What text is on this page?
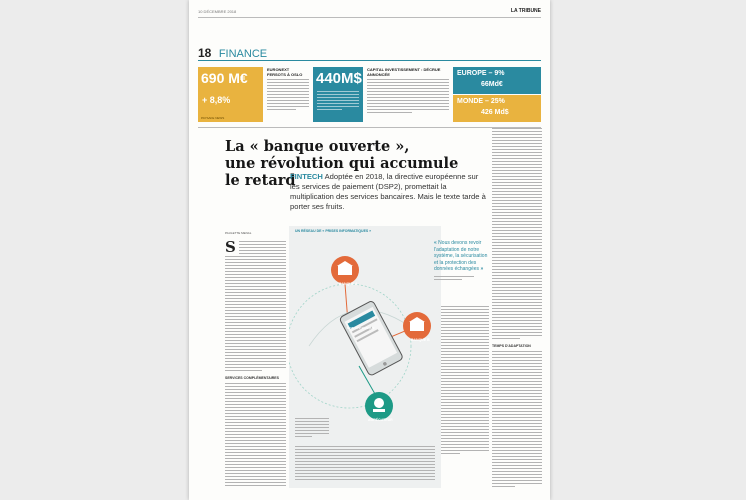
10 DÉCEMBRE 2018	LA TRIBUNE
18 FINANCE
690 M€
+ 8,8%
PAYSAFE NEWS
EURONEXT FERSOTS À OSLO 440M$
CAPITAL INVESTISSEMENT : DÉCRUE ANNONCÉE	EUROPE – 9%
66Md€
MONDE – 25%
426 Md$
La « banque ouverte »,
une révolution qui accumule
le retard
FINTECH Adoptée en 2018, la directive européenne sur les services de paiement (DSP2), promettait la multiplication des services bancaires. Mais le texte tarde à porter ses fruits.
PAULETTE MENAL
S
SERVICES COMPLÉMENTAIRES
UN RÉSEAU DE « PRISES INFORMATIQUES »
BANQUE A
BANQUE B
AGRÉGATEUR
MON APP BANQUE
« Nous devons revoir l'adaptation de notre système, la sécurisation et la protection des données échangées »
TEMPS D'ADAPTATION
